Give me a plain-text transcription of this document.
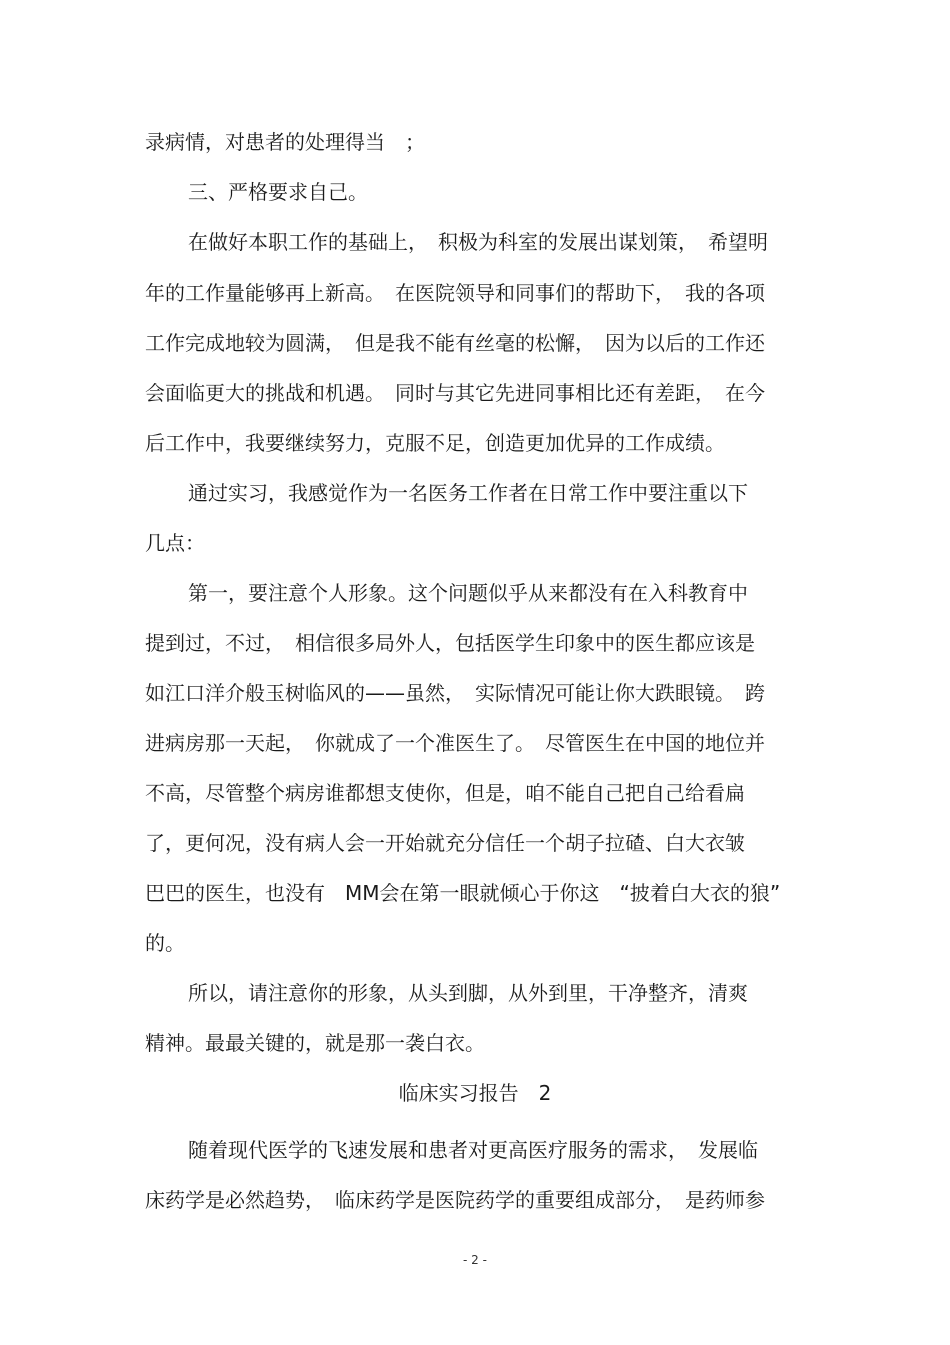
录病情，对患者的处理得当　；
三、严格要求自己。
在做好本职工作的基础上，　积极为科室的发展出谋划策，　希望明
年的工作量能够再上新高。　在医院领导和同事们的帮助下，　我的各项
工作完成地较为圆满，　但是我不能有丝毫的松懈，　因为以后的工作还
会面临更大的挑战和机遇。　同时与其它先进同事相比还有差距，　在今
后工作中，我要继续努力，克服不足，创造更加优异的工作成绩。
通过实习，我感觉作为一名医务工作者在日常工作中要注重以下
几点：
第一，要注意个人形象。这个问题似乎从来都没有在入科教育中
提到过，不过，　相信很多局外人，包括医学生印象中的医生都应该是
如江口洋介般玉树临风的——虽然，　实际情况可能让你大跌眼镜。　跨
进病房那一天起，　你就成了一个准医生了。　尽管医生在中国的地位并
不高，尽管整个病房谁都想支使你，但是，咱不能自己把自己给看扁
了，更何况，没有病人会一开始就充分信任一个胡子拉碴、白大衣皱
巴巴的医生，也没有　MM会在第一眼就倾心于你这　“披着白大衣的狼”
的。
所以，请注意你的形象，从头到脚，从外到里，干净整齐，清爽
精神。最最关键的，就是那一袭白衣。
临床实习报告　2
随着现代医学的飞速发展和患者对更高医疗服务的需求，　发展临
床药学是必然趋势，　临床药学是医院药学的重要组成部分，　是药师参
- 2 -
